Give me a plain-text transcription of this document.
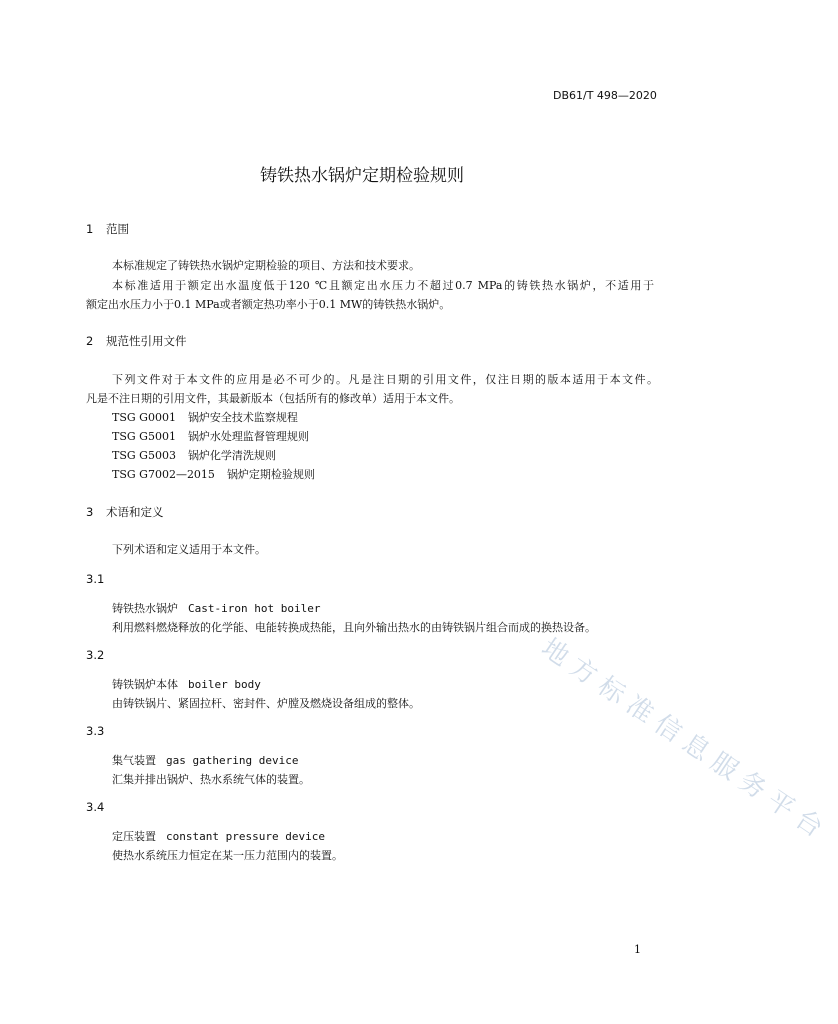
DB61/T 498—2020
铸铁热水锅炉定期检验规则
1 范围
本标准规定了铸铁热水锅炉定期检验的项目、方法和技术要求。
本标准适用于额定出水温度低于120 ℃且额定出水压力不超过0.7 MPa的铸铁热水锅炉，不适用于
额定出水压力小于0.1 MPa或者额定热功率小于0.1 MW的铸铁热水锅炉。
2 规范性引用文件
下列文件对于本文件的应用是必不可少的。凡是注日期的引用文件，仅注日期的版本适用于本文件。
凡是不注日期的引用文件，其最新版本（包括所有的修改单）适用于本文件。
TSG G0001 锅炉安全技术监察规程
TSG G5001 锅炉水处理监督管理规则
TSG G5003 锅炉化学清洗规则
TSG G7002—2015 锅炉定期检验规则
3 术语和定义
下列术语和定义适用于本文件。
3.1
铸铁热水锅炉 Cast-iron hot boiler
利用燃料燃烧释放的化学能、电能转换成热能，且向外输出热水的由铸铁锅片组合而成的换热设备。
3.2
铸铁锅炉本体 boiler body
由铸铁锅片、紧固拉杆、密封件、炉膛及燃烧设备组成的整体。
3.3
集气装置 gas gathering device
汇集并排出锅炉、热水系统气体的装置。
3.4
定压装置 constant pressure device
使热水系统压力恒定在某一压力范围内的装置。
地方标准信息服务平台
1
